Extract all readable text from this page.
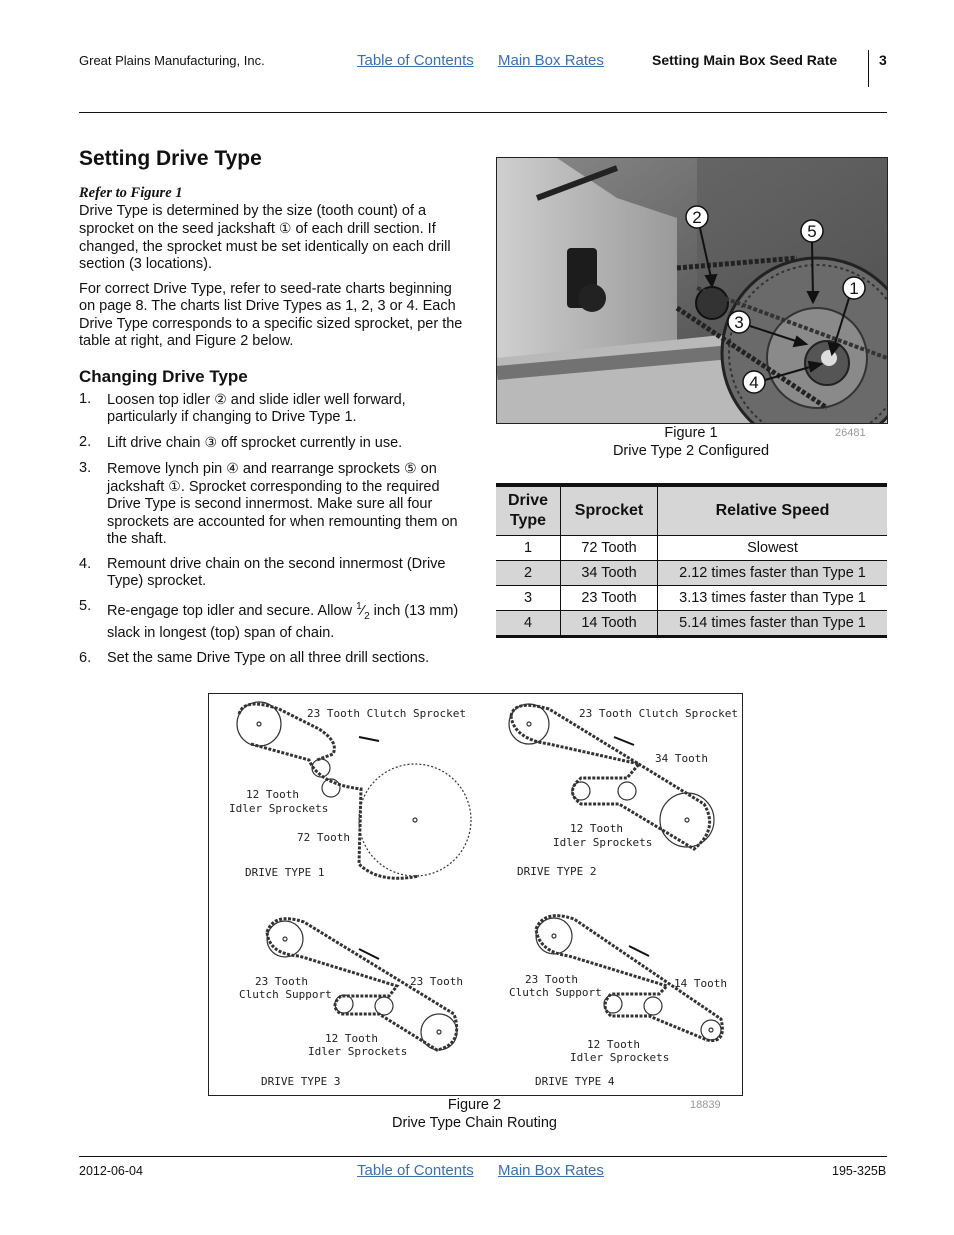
Great Plains Manufacturing, Inc.	Table of Contents Main Box Rates	Setting Main Box Seed Rate	3
Setting Drive Type
Refer to Figure 1
Drive Type is determined by the size (tooth count) of a sprocket on the seed jackshaft ① of each drill section. If changed, the sprocket must be set identically on each drill section (3 locations).
For correct Drive Type, refer to seed-rate charts beginning on page 8. The charts list Drive Types as 1, 2, 3 or 4. Each Drive Type corresponds to a specific sized sprocket, per the table at right, and Figure 2 below.
Changing Drive Type
1. Loosen top idler ② and slide idler well forward, particularly if changing to Drive Type 1.
2. Lift drive chain ③ off sprocket currently in use.
3. Remove lynch pin ④ and rearrange sprockets ⑤ on jackshaft ①. Sprocket corresponding to the required Drive Type is second innermost. Make sure all four sprockets are accounted for when remounting them on the shaft.
4. Remount drive chain on the second innermost (Drive Type) sprocket.
5. Re-engage top idler and secure. Allow $^1⁄_2$ inch (13 mm) slack in longest (top) span of chain.
6. Set the same Drive Type on all three drill sections.
2
5
1
3
4
Figure 1
Drive Type 2 Configured
26481
Drive
Type	Sprocket	Relative Speed
1	72 Tooth	Slowest
2	34 Tooth	2.12 times faster than Type 1
3	23 Tooth	3.13 times faster than Type 1
4	14 Tooth	5.14 times faster than Type 1
23 Tooth Clutch Sprocket
12 Tooth
Idler Sprockets
72 Tooth
DRIVE TYPE 1
23 Tooth Clutch Sprocket
34 Tooth
12 Tooth
Idler Sprockets
DRIVE TYPE 2
23 Tooth
Clutch Support
23 Tooth
12 Tooth
Idler Sprockets
DRIVE TYPE 3
23 Tooth
Clutch Support
14 Tooth
12 Tooth
Idler Sprockets
DRIVE TYPE 4
Figure 2
Drive Type Chain Routing
18839
2012-06-04	Table of Contents Main Box Rates	195-325B
